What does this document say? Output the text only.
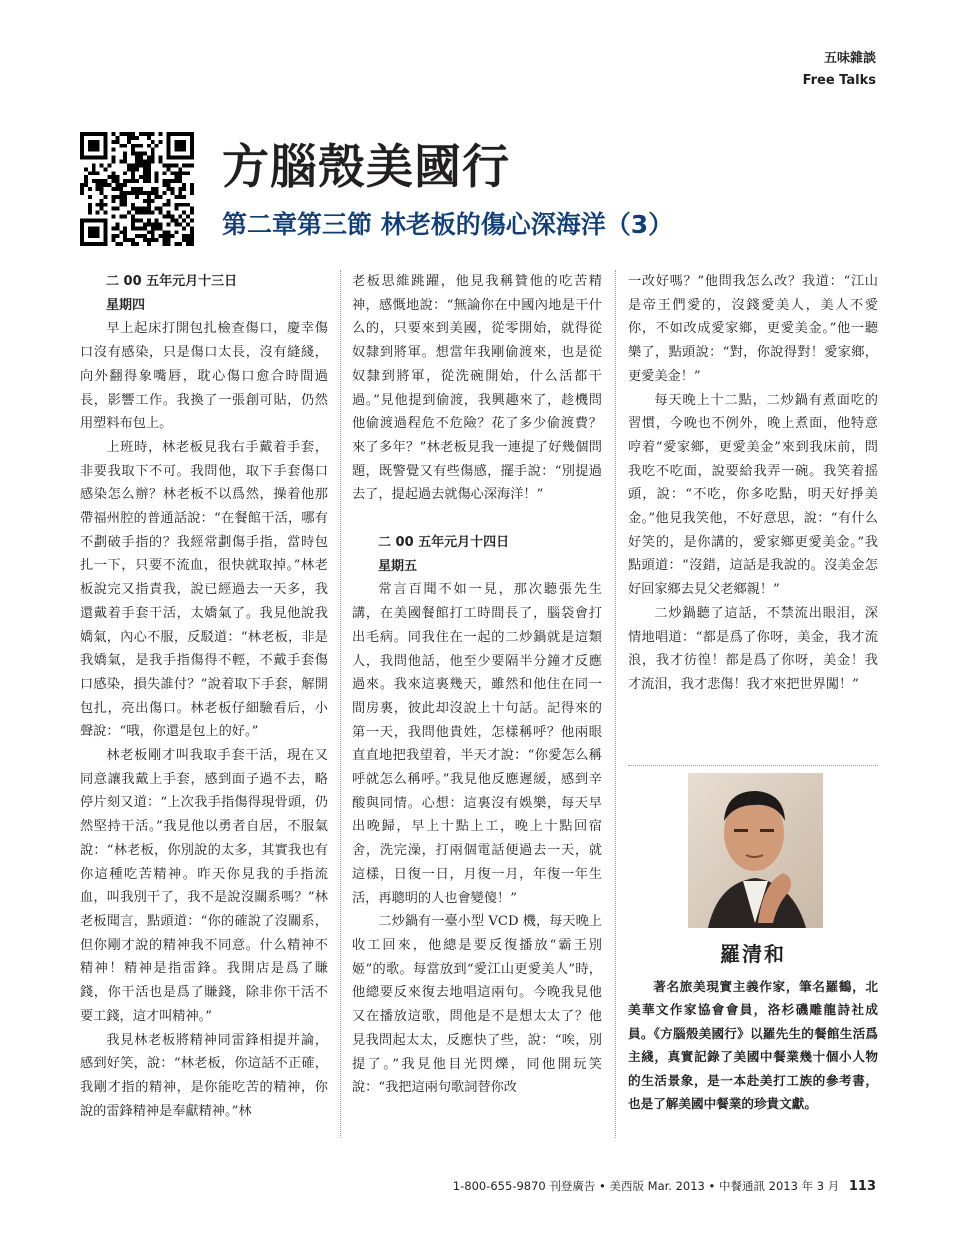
五味雜談
Free Talks
方腦殼美國行
第二章第三節 林老板的傷心深海洋（3）

二 00 五年元月十三日

星期四

早上起床打開包扎檢查傷口，慶幸傷口沒有感染，只是傷口太長，沒有縫綫，向外翻得象嘴唇，耽心傷口愈合時間過長，影響工作。我換了一張創可貼，仍然用塑料布包上。

上班時，林老板見我右手戴着手套，非要我取下不可。我問他，取下手套傷口感染怎么辦？林老板不以爲然，操着他那帶福州腔的普通話說：“在餐館干活，哪有不劃破手指的？我經常劃傷手指，當時包扎一下，只要不流血，很快就取掉。”林老板說完又指責我，說已經過去一天多，我還戴着手套干活，太嬌氣了。我見他說我嬌氣，內心不服，反駁道：“林老板，非是我嬌氣，是我手指傷得不輕，不戴手套傷口感染，損失誰付？”說着取下手套，解開包扎，亮出傷口。林老板仔細驗看后，小聲說：“哦，你還是包上的好。”

林老板剛才叫我取手套干活，現在又同意讓我戴上手套，感到面子過不去，略停片刻又道：“上次我手指傷得現骨頭，仍然堅持干活。”我見他以勇者自居，不服氣說：“林老板，你別說的太多，其實我也有你這種吃苦精神。昨天你見我的手指流血，叫我別干了，我不是說沒關系嗎？”林老板聞言，點頭道：“你的確說了沒關系，但你剛才說的精神我不同意。什么精神不精神！精神是指雷鋒。我開店是爲了賺錢，你干活也是爲了賺錢，除非你干活不要工錢，這才叫精神。”

我見林老板將精神同雷鋒相提并論，感到好笑，說：“林老板，你這話不正確，我剛才指的精神，是你能吃苦的精神，你說的雷鋒精神是奉獻精神。”林

老板思維跳躍，他見我稱贊他的吃苦精神，感慨地說：“無論你在中國內地是干什么的，只要來到美國，從零開始，就得從奴隸到將軍。想當年我剛偷渡來，也是從奴隸到將軍，從洗碗開始，什么活都干過。”見他提到偷渡，我興趣來了，趁機問他偷渡過程危不危險？花了多少偷渡費？來了多年？”林老板見我一連提了好幾個問題，既警覺又有些傷感，擺手說：“別提過去了，提起過去就傷心深海洋！”

二 00 五年元月十四日

星期五

常言百聞不如一見，那次聽張先生講，在美國餐館打工時間長了，腦袋會打出毛病。同我住在一起的二炒鍋就是這類人，我問他話，他至少要隔半分鐘才反應過來。我來這裏幾天，雖然和他住在同一間房裏，彼此却沒說上十句話。記得來的第一天，我問他貴姓，怎樣稱呼？他兩眼直直地把我望着，半天才說：“你愛怎么稱呼就怎么稱呼。”我見他反應遲緩，感到辛酸與同情。心想：這裏沒有娛樂，每天早出晚歸，早上十點上工，晚上十點回宿舍，洗完澡，打兩個電話便過去一天，就這樣，日復一日，月復一月，年復一年生活，再聰明的人也會變傻！”

二炒鍋有一臺小型 VCD 機，每天晚上收工回來，他總是要反復播放“霸王別姬”的歌。每當放到“愛江山更愛美人”時，他總要反來復去地唱這兩句。今晚我見他又在播放這歌，問他是不是想太太了？他見我問起太太，反應快了些，說：“唉，別提了。”我見他目光閃爍，同他開玩笑說：“我把這兩句歌詞替你改

一改好嗎？”他問我怎么改？我道：“江山是帝王們愛的，沒錢愛美人，美人不愛你，不如改成愛家鄉，更愛美金。”他一聽樂了，點頭說：“對，你說得對！愛家鄉，更愛美金！”

每天晚上十二點，二炒鍋有煮面吃的習慣，今晚也不例外，晚上煮面，他特意哼着“愛家鄉，更愛美金”來到我床前，問我吃不吃面，說要給我弄一碗。我笑着摇頭，說：“不吃，你多吃點，明天好掙美金。”他見我笑他，不好意思，說：“有什么好笑的，是你講的，愛家鄉更愛美金。”我點頭道：“沒錯，這話是我說的。沒美金怎好回家鄉去見父老鄉親！”

二炒鍋聽了這話，不禁流出眼泪，深情地唱道：“都是爲了你呀，美金，我才流浪，我才彷徨！都是爲了你呀，美金！我才流泪，我才悲傷！我才來把世界闖！”

羅清和

著名旅美現實主義作家，筆名羅鶴，北美華文作家協會會員，洛杉磯雕龍詩社成員。《方腦殼美國行》以羅先生的餐館生活爲主綫，真實記錄了美國中餐業幾十個小人物的生活景象，是一本赴美打工族的參考書，也是了解美國中餐業的珍貴文獻。

1-800-655-9870 刊登廣告 • 美西版 Mar. 2013 • 中餐通訊 2013 年 3 月 113
